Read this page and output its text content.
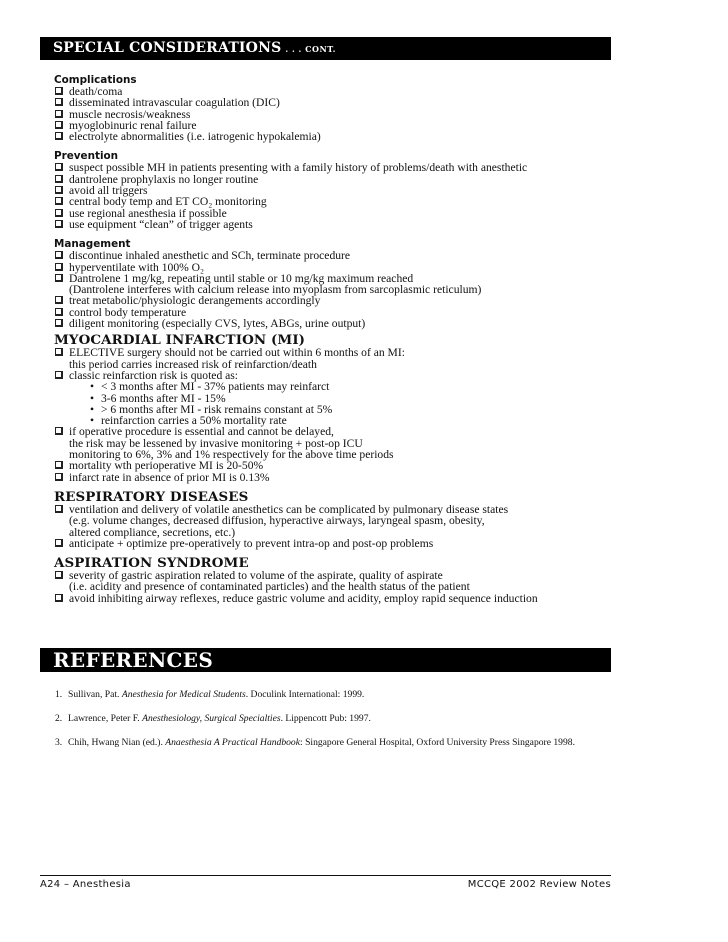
SPECIAL CONSIDERATIONS . . . CONT.
Complications
death/coma
disseminated intravascular coagulation (DIC)
muscle necrosis/weakness
myoglobinuric renal failure
electrolyte abnormalities (i.e. iatrogenic hypokalemia)
Prevention
suspect possible MH in patients presenting with a family history of problems/death with anesthetic
dantrolene prophylaxis no longer routine
avoid all triggers
central body temp and ET CO₂ monitoring
use regional anesthesia if possible
use equipment “clean” of trigger agents
Management
discontinue inhaled anesthetic and SCh, terminate procedure
hyperventilate with 100% O₂
Dantrolene 1 mg/kg, repeating until stable or 10 mg/kg maximum reached
(Dantrolene interferes with calcium release into myoplasm from sarcoplasmic reticulum)
treat metabolic/physiologic derangements accordingly
control body temperature
diligent monitoring (especially CVS, lytes, ABGs, urine output)
MYOCARDIAL INFARCTION (MI)
ELECTIVE surgery should not be carried out within 6 months of an MI:
this period carries increased risk of reinfarction/death
classic reinfarction risk is quoted as:
• < 3 months after MI - 37% patients may reinfarct
• 3-6 months after MI - 15%
• > 6 months after MI - risk remains constant at 5%
• reinfarction carries a 50% mortality rate
if operative procedure is essential and cannot be delayed,
the risk may be lessened by invasive monitoring + post-op ICU
monitoring to 6%, 3% and 1% respectively for the above time periods
mortality wth perioperative MI is 20-50%
infarct rate in absence of prior MI is 0.13%
RESPIRATORY DISEASES
ventilation and delivery of volatile anesthetics can be complicated by pulmonary disease states
(e.g. volume changes, decreased diffusion, hyperactive airways, laryngeal spasm, obesity,
altered compliance, secretions, etc.)
anticipate + optimize pre-operatively to prevent intra-op and post-op problems
ASPIRATION SYNDROME
severity of gastric aspiration related to volume of the aspirate, quality of aspirate
(i.e. acidity and presence of contaminated particles) and the health status of the patient
avoid inhibiting airway reflexes, reduce gastric volume and acidity, employ rapid sequence induction
REFERENCES
1. Sullivan, Pat. Anesthesia for Medical Students. Doculink International: 1999.
2. Lawrence, Peter F. Anesthesiology, Surgical Specialties. Lippencott Pub: 1997.
3. Chih, Hwang Nian (ed.). Anaesthesia A Practical Handbook: Singapore General Hospital, Oxford University Press Singapore 1998.
A24 – Anesthesia	MCCQE 2002 Review Notes
